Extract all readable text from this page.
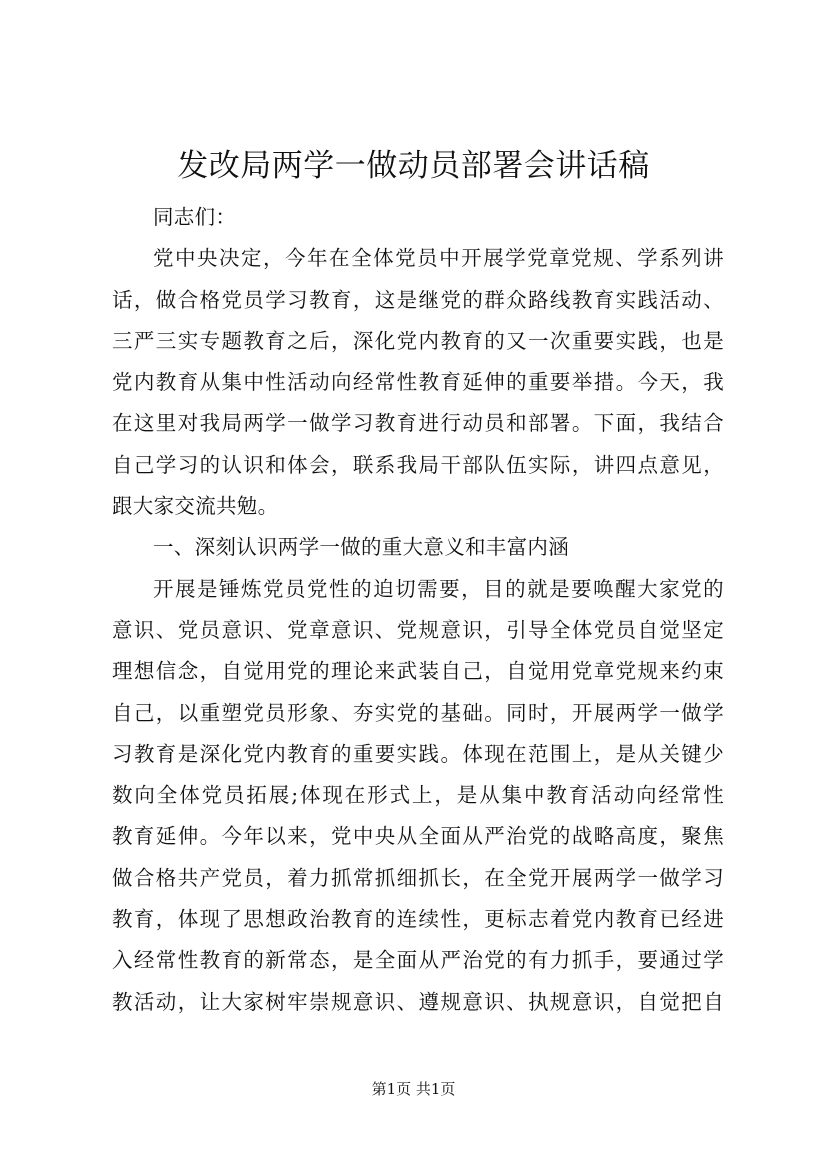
发改局两学一做动员部署会讲话稿
同志们：
党中央决定，今年在全体党员中开展学党章党规、学系列讲
话，做合格党员学习教育，这是继党的群众路线教育实践活动、
三严三实专题教育之后，深化党内教育的又一次重要实践，也是
党内教育从集中性活动向经常性教育延伸的重要举措。今天，我
在这里对我局两学一做学习教育进行动员和部署。下面，我结合
自己学习的认识和体会，联系我局干部队伍实际，讲四点意见，
跟大家交流共勉。
一、深刻认识两学一做的重大意义和丰富内涵
开展是锤炼党员党性的迫切需要，目的就是要唤醒大家党的
意识、党员意识、党章意识、党规意识，引导全体党员自觉坚定
理想信念，自觉用党的理论来武装自己，自觉用党章党规来约束
自己，以重塑党员形象、夯实党的基础。同时，开展两学一做学
习教育是深化党内教育的重要实践。体现在范围上，是从关键少
数向全体党员拓展;体现在形式上，是从集中教育活动向经常性
教育延伸。今年以来，党中央从全面从严治党的战略高度，聚焦
做合格共产党员，着力抓常抓细抓长，在全党开展两学一做学习
教育，体现了思想政治教育的连续性，更标志着党内教育已经进
入经常性教育的新常态，是全面从严治党的有力抓手，要通过学
教活动，让大家树牢崇规意识、遵规意识、执规意识，自觉把自
第1页 共1页
